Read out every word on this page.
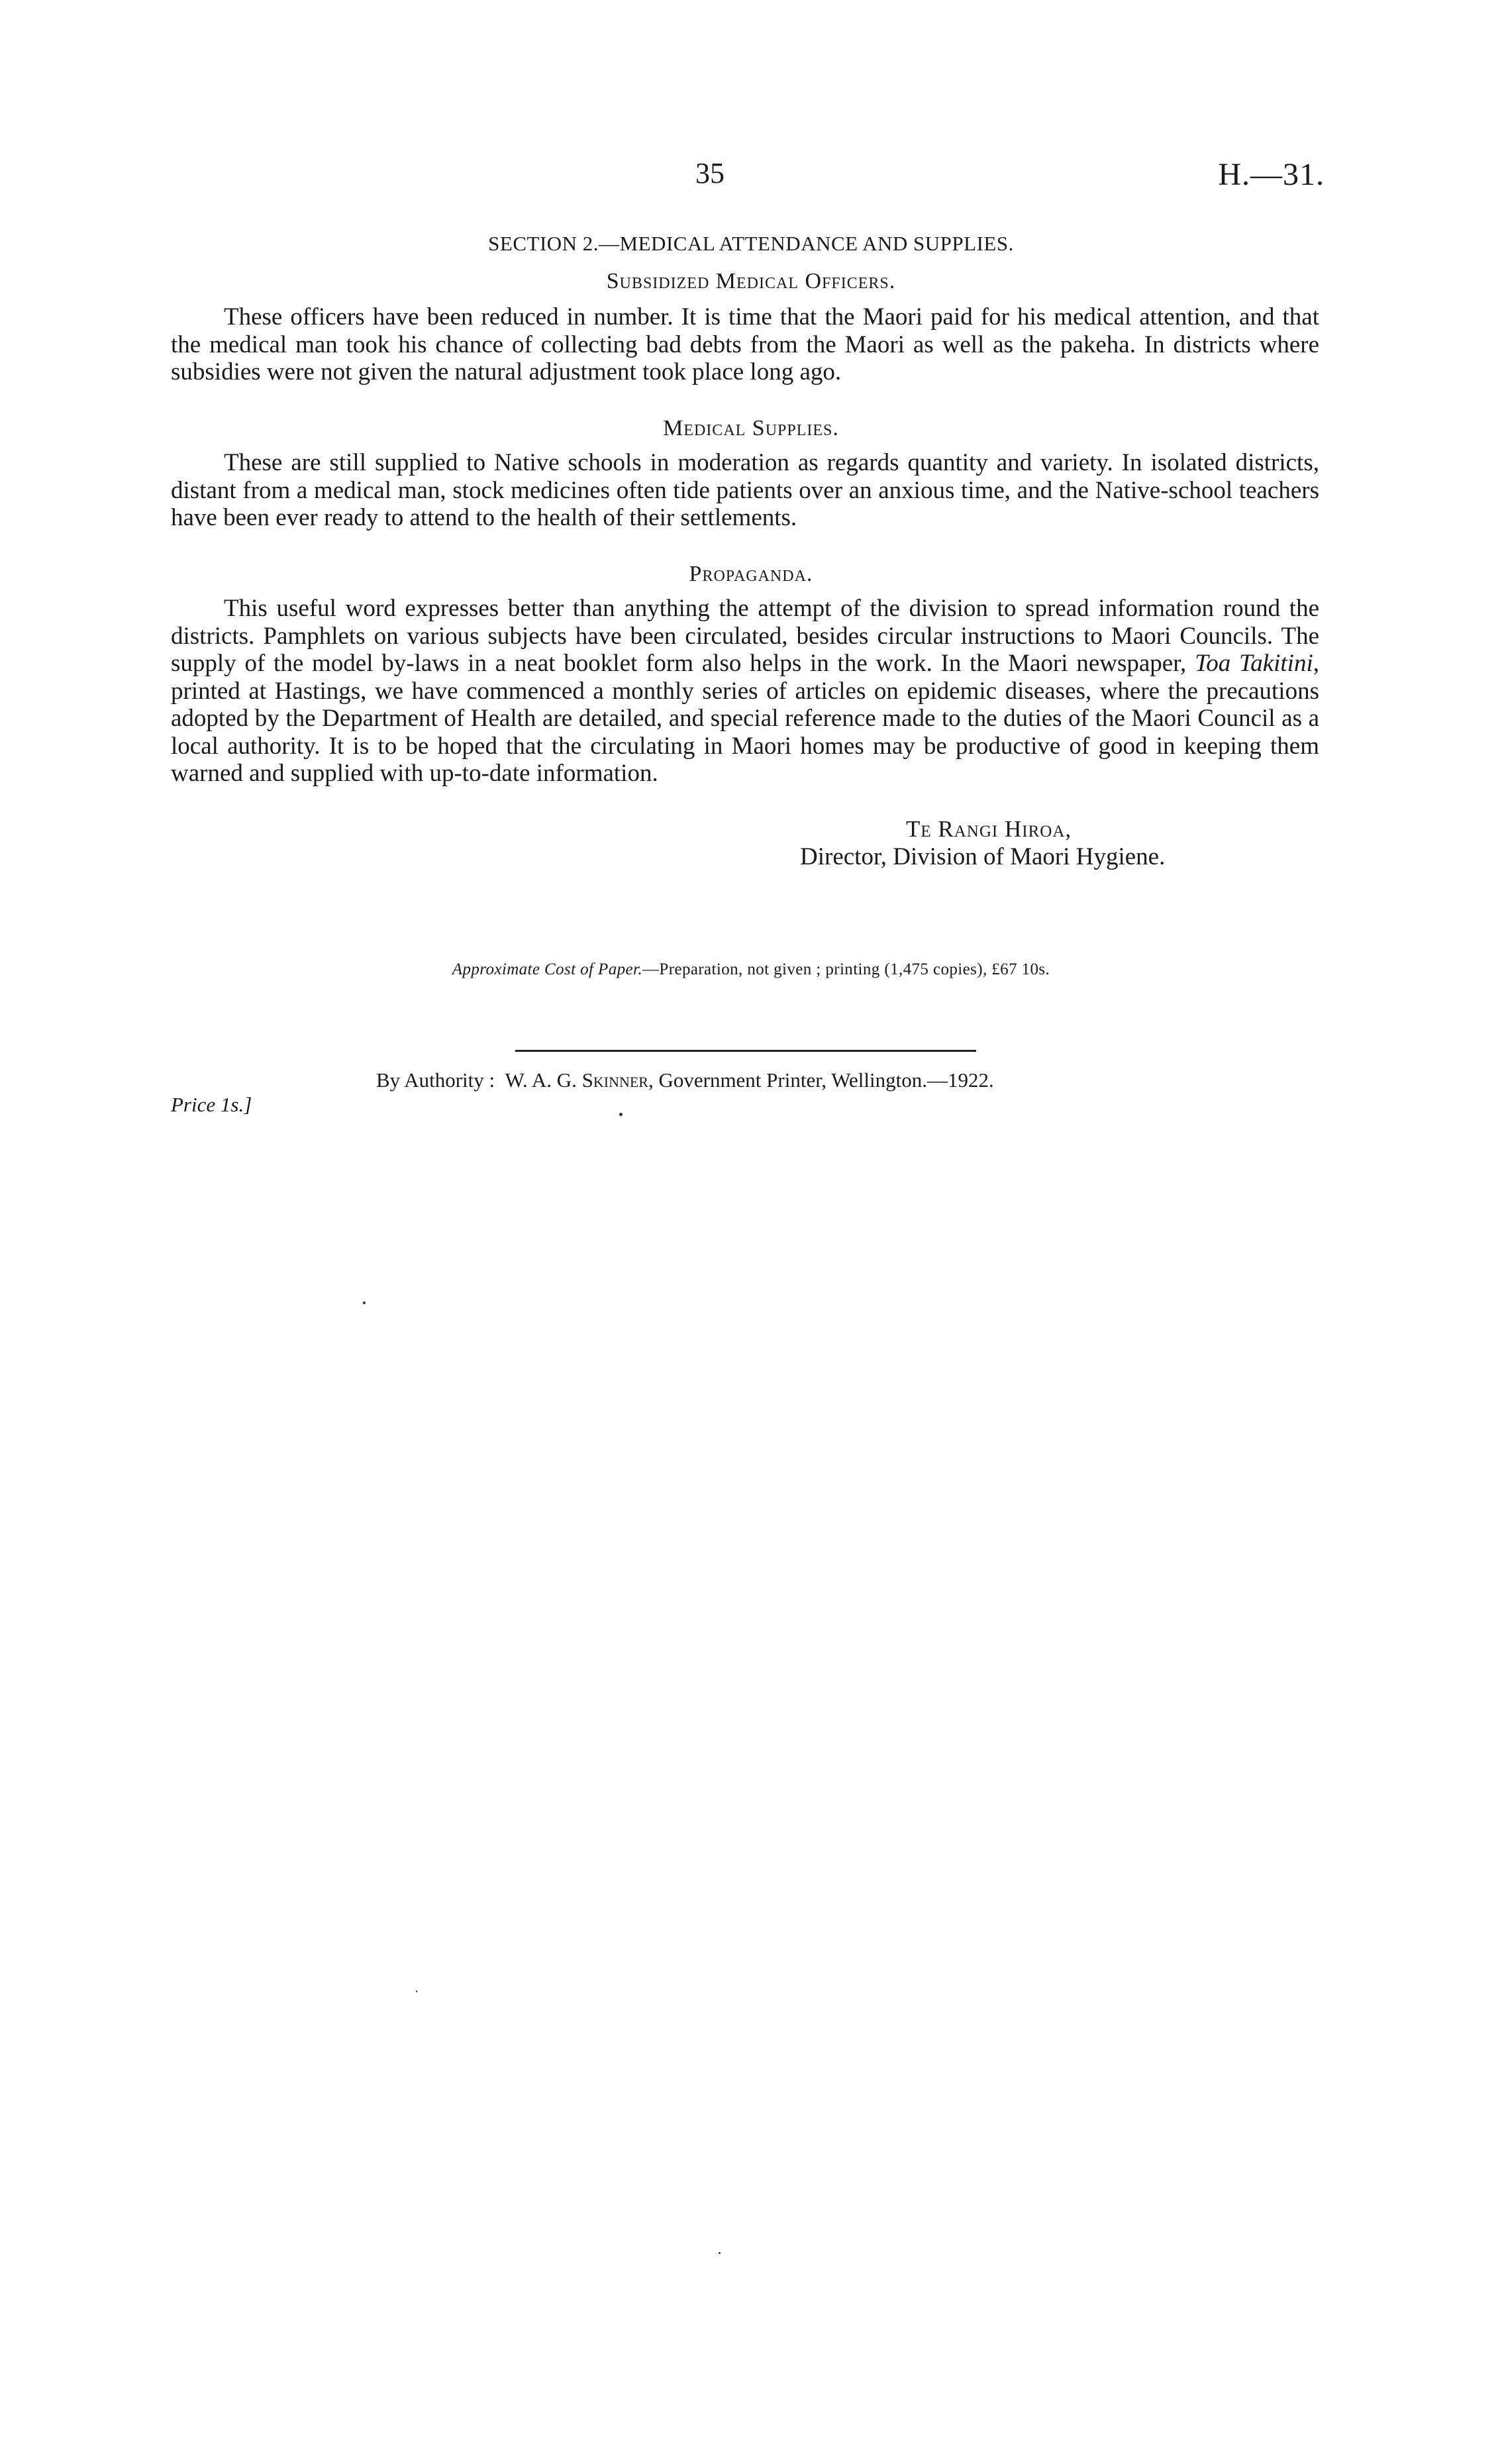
35	H.—31.
SECTION 2.—MEDICAL ATTENDANCE AND SUPPLIES.
Subsidized Medical Officers.

These officers have been reduced in number. It is time that the Maori paid for his medical attention, and that the medical man took his chance of collecting bad debts from the Maori as well as the pakeha. In districts where subsidies were not given the natural adjustment took place long ago.

Medical Supplies.

These are still supplied to Native schools in moderation as regards quantity and variety. In isolated districts, distant from a medical man, stock medicines often tide patients over an anxious time, and the Native-school teachers have been ever ready to attend to the health of their settlements.

Propaganda.

This useful word expresses better than anything the attempt of the division to spread information round the districts. Pamphlets on various subjects have been circulated, besides circular instructions to Maori Councils. The supply of the model by-laws in a neat booklet form also helps in the work. In the Maori newspaper, Toa Takitini, printed at Hastings, we have commenced a monthly series of articles on epidemic diseases, where the precautions adopted by the Department of Health are detailed, and special reference made to the duties of the Maori Council as a local authority. It is to be hoped that the circulating in Maori homes may be productive of good in keeping them warned and supplied with up-to-date information.

Te Rangi Hiroa,
Director, Division of Maori Hygiene.
Approximate Cost of Paper.—Preparation, not given ; printing (1,475 copies), £67 10s.
By Authority : W. A. G. Skinner, Government Printer, Wellington.—1922.
Price 1s.]
